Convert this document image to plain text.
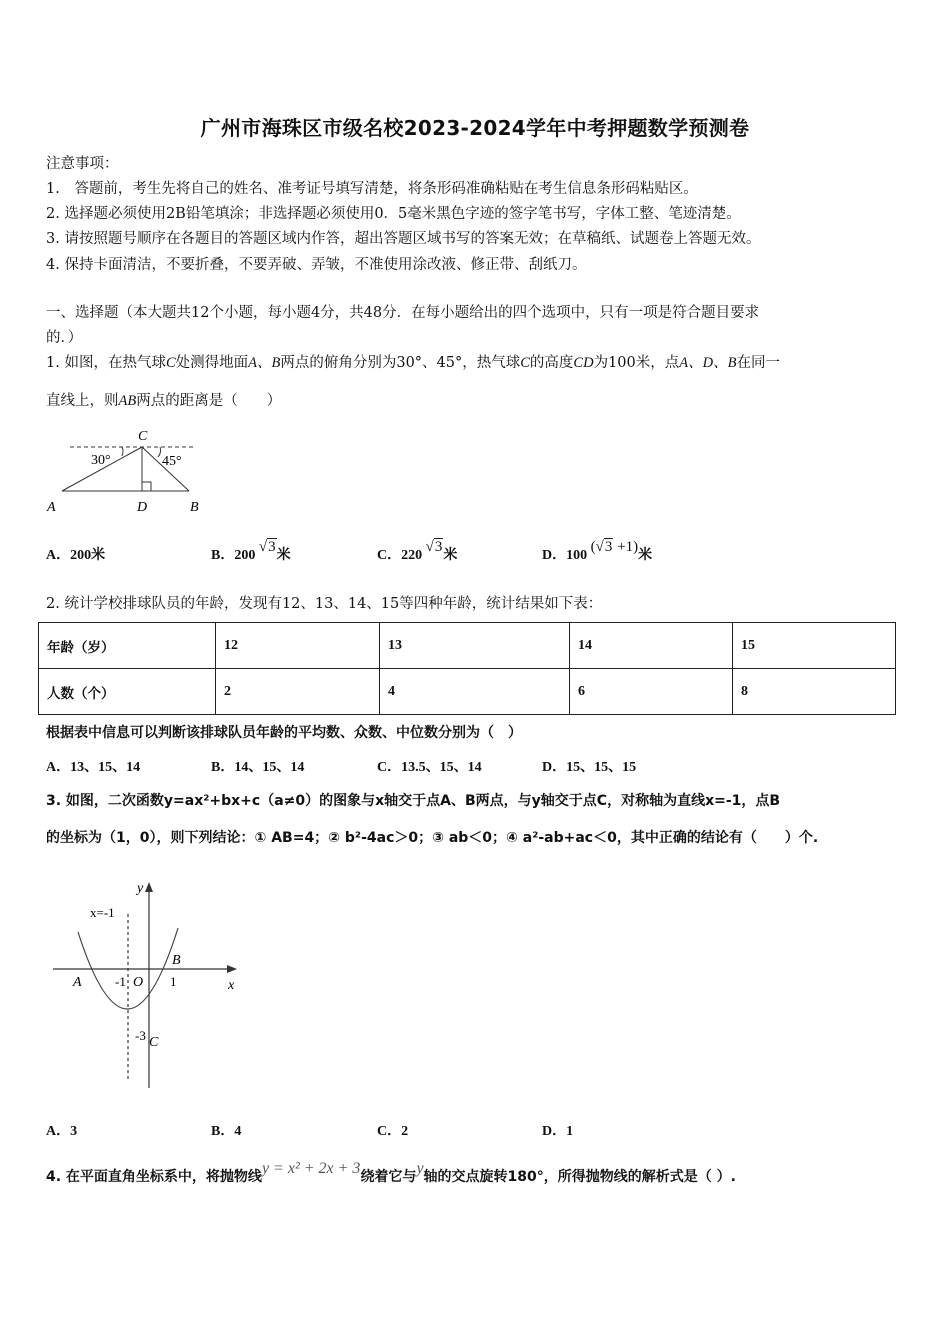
广州市海珠区市级名校2023-2024学年中考押题数学预测卷
注意事项：
1.　答题前，考生先将自己的姓名、准考证号填写清楚，将条形码准确粘贴在考生信息条形码粘贴区。
2. 选择题必须使用2B铅笔填涂；非选择题必须使用0．5毫米黑色字迹的签字笔书写，字体工整、笔迹清楚。
3. 请按照题号顺序在各题目的答题区域内作答，超出答题区域书写的答案无效；在草稿纸、试题卷上答题无效。
4. 保持卡面清洁，不要折叠，不要弄破、弄皱，不准使用涂改液、修正带、刮纸刀。
一、选择题（本大题共12个小题，每小题4分，共48分．在每小题给出的四个选项中，只有一项是符合题目要求
的．）
1. 如图，在热气球C处测得地面A、B两点的俯角分别为30°、45°，热气球C的高度CD为100米，点A、D、B在同一
直线上，则AB两点的距离是（　　）
C
30°	45°
A	D	B
A．200米	B．200 √3米	C．220 √3米	D．100 (√3 +1)米
2. 统计学校排球队员的年龄，发现有12、13、14、15等四种年龄，统计结果如下表：
年龄（岁）	12	13	14	15
人数（个）	2	4	6	8
根据表中信息可以判断该排球队员年龄的平均数、众数、中位数分别为（　）
A．13、15、14	B．14、15、14	C．13.5、15、14	D．15、15、15
3. 如图，二次函数y=ax²+bx+c（a≠0）的图象与x轴交于点A、B两点，与y轴交于点C，对称轴为直线x=-1，点B
的坐标为（1，0），则下列结论：① AB=4；② b²-4ac＞0；③ ab＜0；④ a²-ab+ac＜0，其中正确的结论有（　　）个.
y
x
x=-1
A
B
C
O
-1	1
-3
A．3	B．4	C．2	D．1
4. 在平面直角坐标系中，将抛物线y = x² + 2x + 3绕着它与y轴的交点旋转180°，所得抛物线的解析式是（ ）.
